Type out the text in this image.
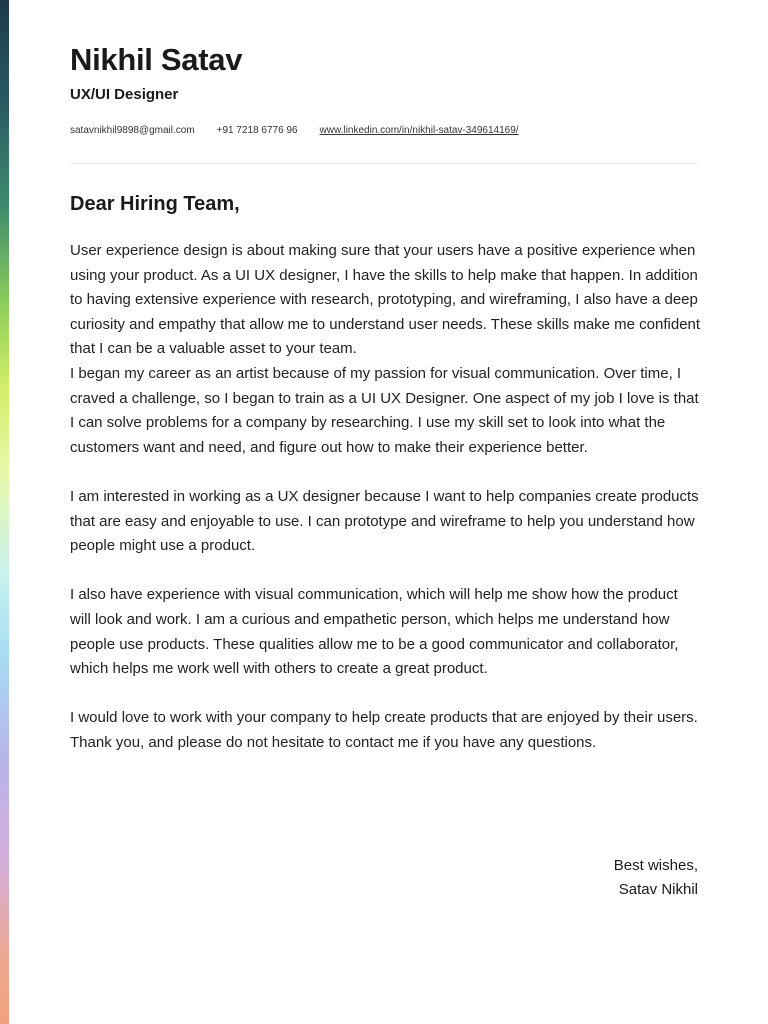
Nikhil Satav
UX/UI Designer
satavnikhil9898@gmail.com +91 7218 6776 96 www.linkedin.com/in/nikhil-satav-349614169/
Dear Hiring Team,

User experience design is about making sure that your users have a positive experience when using your product. As a UI UX designer, I have the skills to help make that happen. In addition to having extensive experience with research, prototyping, and wireframing, I also have a deep curiosity and empathy that allow me to understand user needs. These skills make me confident that I can be a valuable asset to your team.

I began my career as an artist because of my passion for visual communication. Over time, I craved a challenge, so I began to train as a UI UX Designer. One aspect of my job I love is that I can solve problems for a company by researching. I use my skill set to look into what the customers want and need, and figure out how to make their experience better.

I am interested in working as a UX designer because I want to help companies create products that are easy and enjoyable to use. I can prototype and wireframe to help you understand how people might use a product.

I also have experience with visual communication, which will help me show how the product will look and work. I am a curious and empathetic person, which helps me understand how people use products. These qualities allow me to be a good communicator and collaborator, which helps me work well with others to create a great product.

I would love to work with your company to help create products that are enjoyed by their users. Thank you, and please do not hesitate to contact me if you have any questions.

Best wishes,
Satav Nikhil
